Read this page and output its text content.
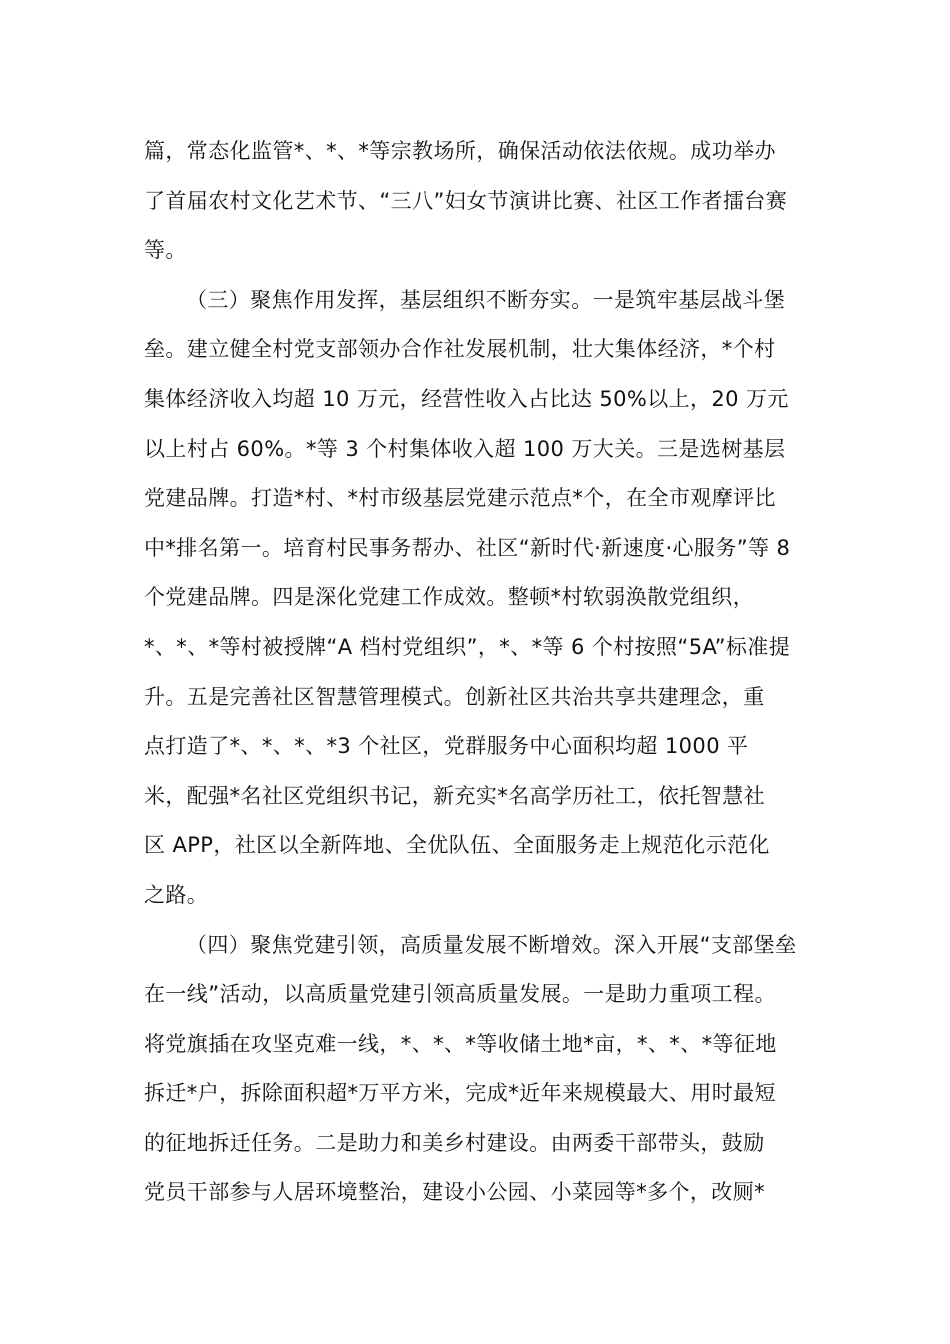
篇，常态化监管*、*、*等宗教场所，确保活动依法依规。成功举办
了首届农村文化艺术节、“三八”妇女节演讲比赛、社区工作者擂台赛
等。
（三）聚焦作用发挥，基层组织不断夯实。一是筑牢基层战斗堡
垒。建立健全村党支部领办合作社发展机制，壮大集体经济，*个村
集体经济收入均超 10 万元，经营性收入占比达 50%以上，20 万元
以上村占 60%。*等 3 个村集体收入超 100 万大关。三是选树基层
党建品牌。打造*村、*村市级基层党建示范点*个，在全市观摩评比
中*排名第一。培育村民事务帮办、社区“新时代·新速度·心服务”等 8
个党建品牌。四是深化党建工作成效。整顿*村软弱涣散党组织，
*、*、*等村被授牌“A 档村党组织”，*、*等 6 个村按照“5A”标准提
升。五是完善社区智慧管理模式。创新社区共治共享共建理念，重
点打造了*、*、*、*3 个社区，党群服务中心面积均超 1000 平
米，配强*名社区党组织书记，新充实*名高学历社工，依托智慧社
区 APP，社区以全新阵地、全优队伍、全面服务走上规范化示范化
之路。
（四）聚焦党建引领，高质量发展不断增效。深入开展“支部堡垒
在一线”活动，以高质量党建引领高质量发展。一是助力重项工程。
将党旗插在攻坚克难一线，*、*、*等收储土地*亩，*、*、*等征地
拆迁*户，拆除面积超*万平方米，完成*近年来规模最大、用时最短
的征地拆迁任务。二是助力和美乡村建设。由两委干部带头，鼓励
党员干部参与人居环境整治，建设小公园、小菜园等*多个，改厕*
